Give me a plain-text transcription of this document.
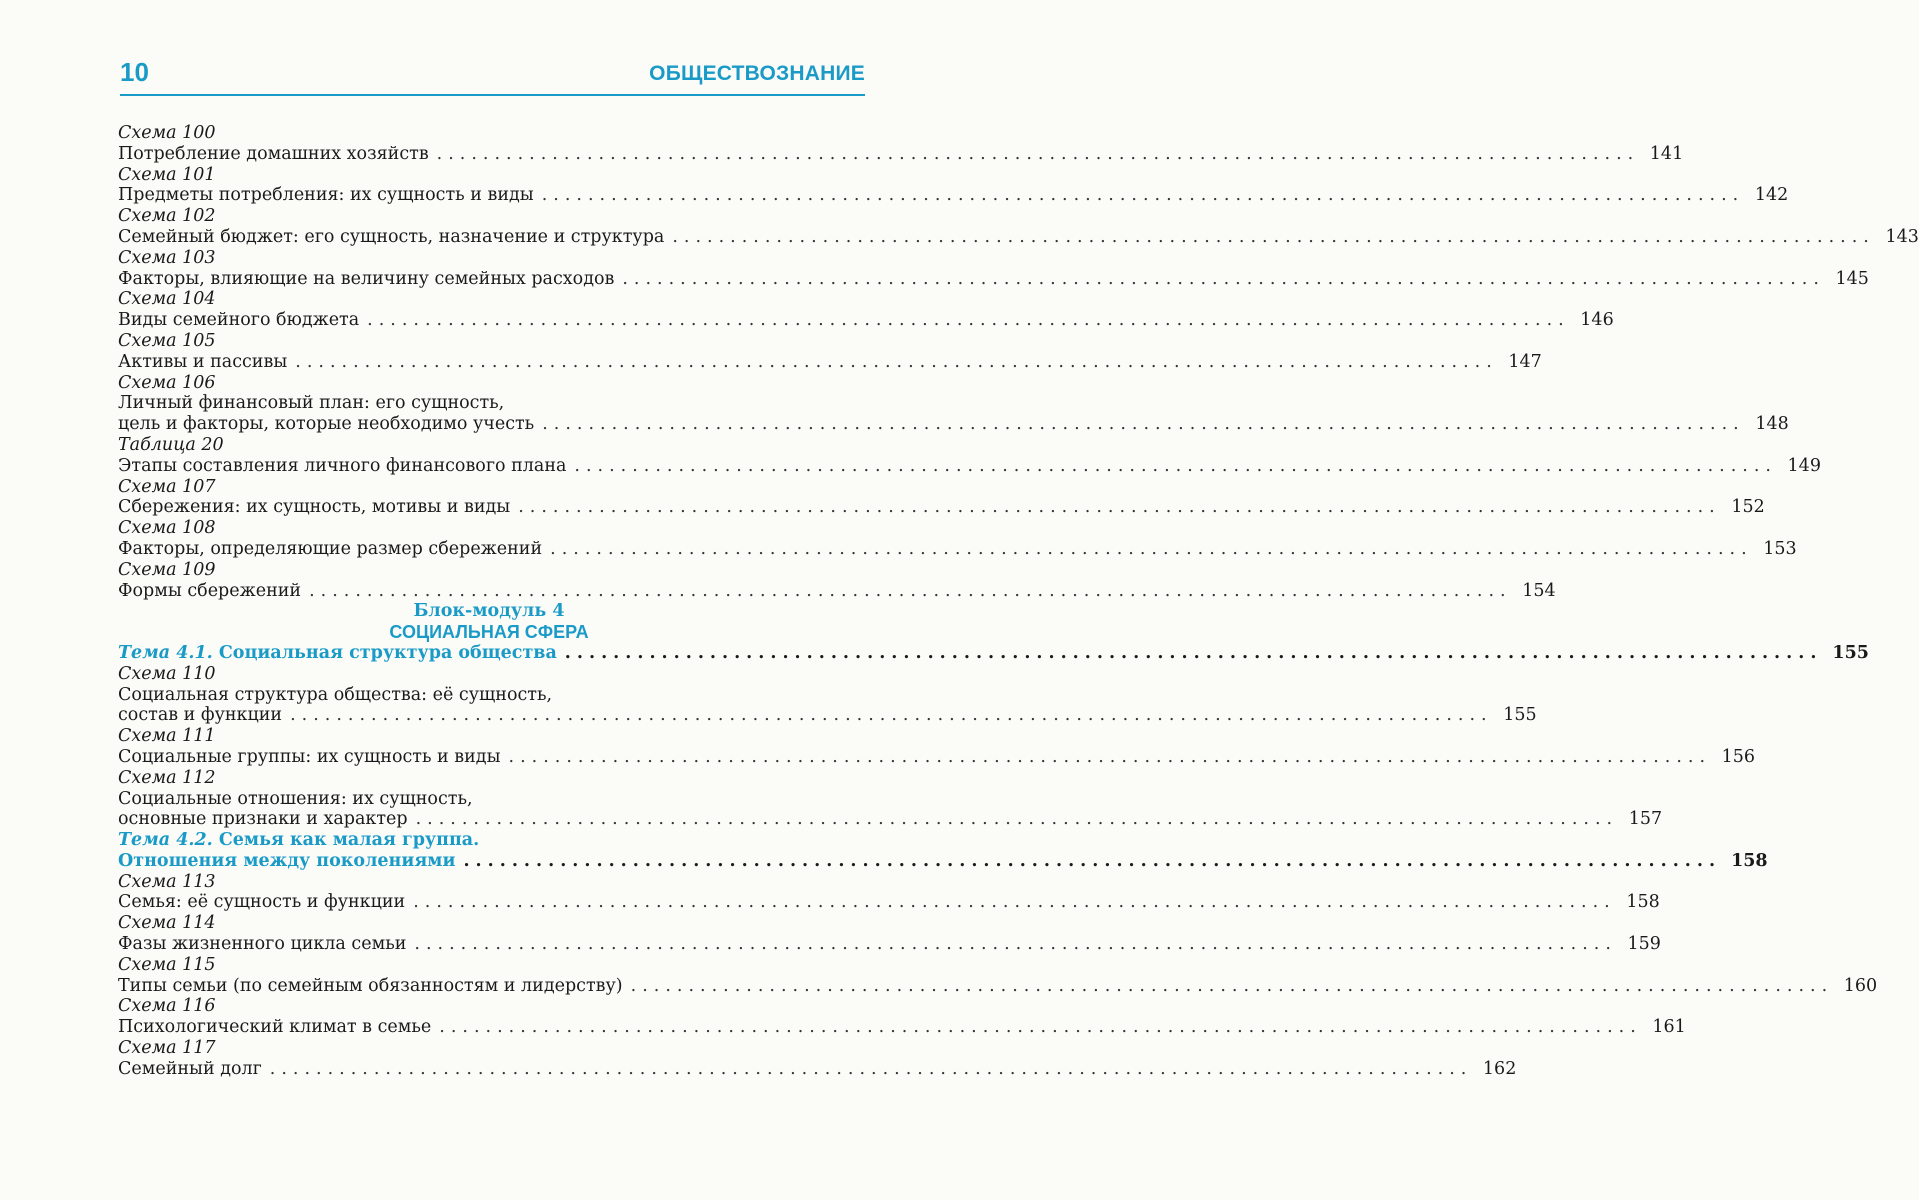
10	ОБЩЕСТВОЗНАНИЕ
Схема 100
Потребление домашних хозяйств ........................................................................................................ 141
Схема 101
Предметы потребления: их сущность и виды ........................................................................................................ 142
Схема 102
Семейный бюджет: его сущность, назначение и структура ........................................................................................................ 143
Схема 103
Факторы, влияющие на величину семейных расходов ........................................................................................................ 145
Схема 104
Виды семейного бюджета ........................................................................................................ 146
Схема 105
Активы и пассивы ........................................................................................................ 147
Схема 106
Личный финансовый план: его сущность,
цель и факторы, которые необходимо учесть ........................................................................................................ 148
Таблица 20
Этапы составления личного финансового плана ........................................................................................................ 149
Схема 107
Сбережения: их сущность, мотивы и виды ........................................................................................................ 152
Схема 108
Факторы, определяющие размер сбережений ........................................................................................................ 153
Схема 109
Формы сбережений ........................................................................................................ 154
Блок-модуль 4
СОЦИАЛЬНАЯ СФЕРА
Тема 4.1. Социальная структура общества ........................................................................................................ 155
Схема 110
Социальная структура общества: её сущность,
состав и функции ........................................................................................................ 155
Схема 111
Социальные группы: их сущность и виды ........................................................................................................ 156
Схема 112
Социальные отношения: их сущность,
основные признаки и характер ........................................................................................................ 157
Тема 4.2. Семья как малая группа.
Отношения между поколениями ........................................................................................................ 158
Схема 113
Семья: её сущность и функции ........................................................................................................ 158
Схема 114
Фазы жизненного цикла семьи ........................................................................................................ 159
Схема 115
Типы семьи (по семейным обязанностям и лидерству) ........................................................................................................ 160
Схема 116
Психологический климат в семье ........................................................................................................ 161
Схема 117
Семейный долг ........................................................................................................ 162
